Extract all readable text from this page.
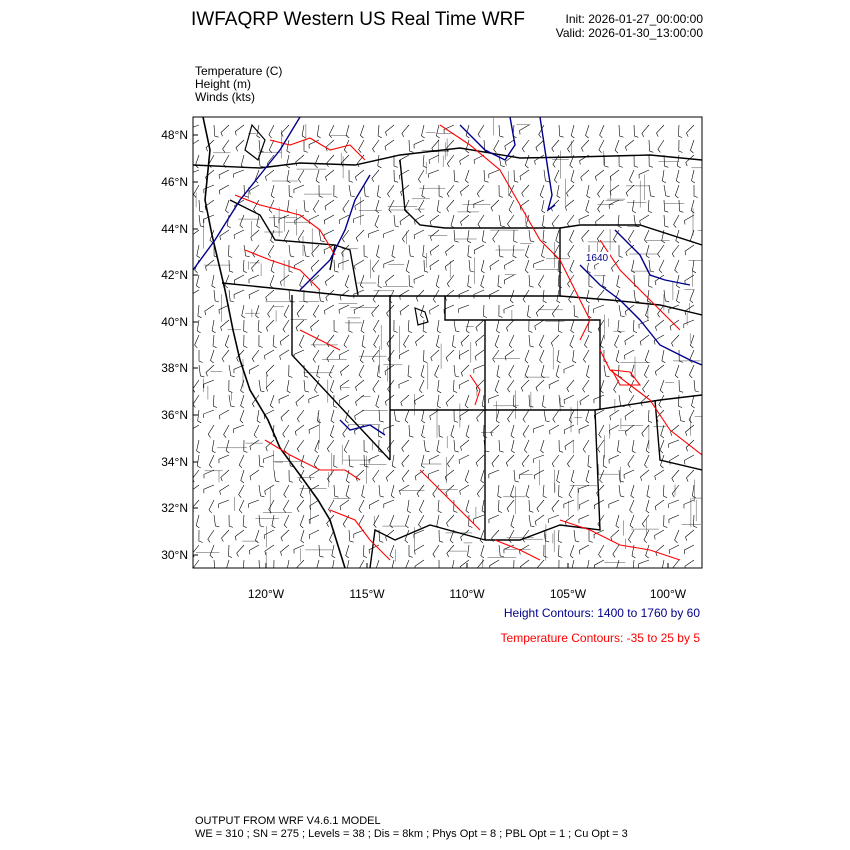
IWFAQRP Western US Real Time WRF	Init: 2026-01-27_00:00:00
Valid: 2026-01-30_13:00:00
Temperature (C)
Height (m)
Winds (kts)
1640
48°N
46°N
44°N
42°N
40°N
38°N
36°N
34°N
32°N
30°N
120°W	115°W	110°W	105°W	100°W
Height Contours: 1400 to 1760 by 60
Temperature Contours: -35 to 25 by 5
OUTPUT FROM WRF V4.6.1 MODEL
WE = 310 ; SN = 275 ; Levels = 38 ; Dis = 8km ; Phys Opt = 8 ; PBL Opt = 1 ; Cu Opt = 3
